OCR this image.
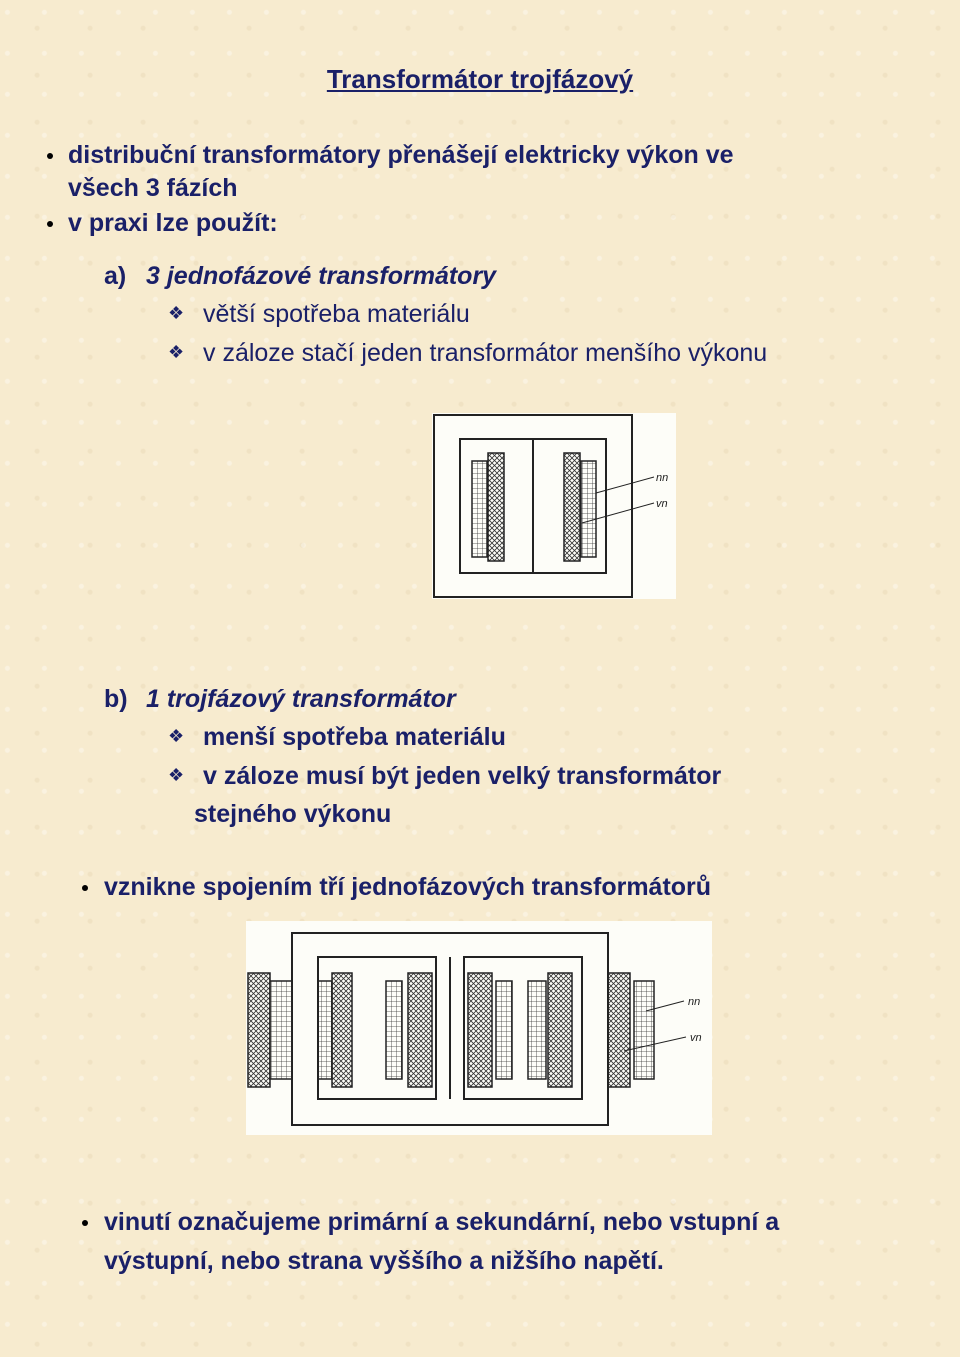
Transformátor trojfázový
distribuční transformátory přenášejí elektricky výkon ve
všech 3 fázích
v praxi lze použít:
a) 3 jednofázové transformátory
❖ větší spotřeba materiálu
❖ v záloze stačí jeden transformátor menšího výkonu
nn
vn
b) 1 trojfázový transformátor
❖ menší spotřeba materiálu
❖ v záloze musí být jeden velký transformátor
stejného výkonu
vznikne spojením tří jednofázových transformátorů
nn
vn
vinutí označujeme primární a sekundární, nebo vstupní a
výstupní, nebo strana vyššího a nižšího napětí.
